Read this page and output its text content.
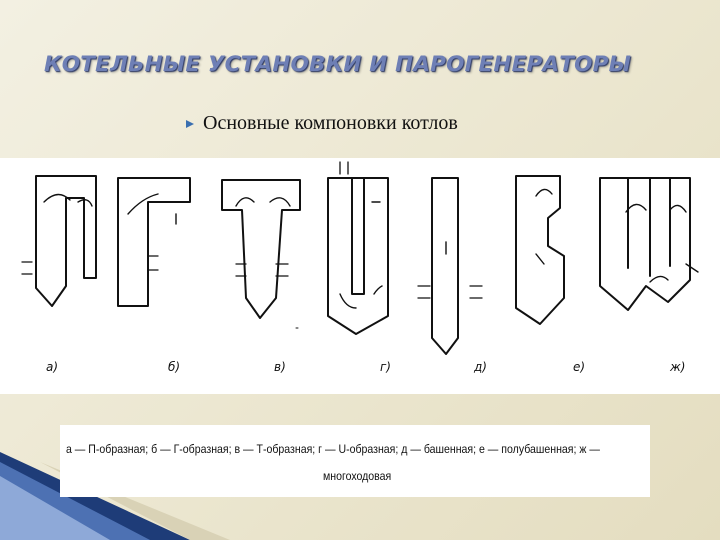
КОТЕЛЬНЫЕ УСТАНОВКИ И ПАРОГЕНЕРАТОРЫ
Основные компоновки котлов
а)	б)	в)	г)	д)	е)	ж)
а — П-образная; б — Г-образная; в — Т-образная; г — U-образная; д — башенная; е — полубашенная; ж —
многоходовая
